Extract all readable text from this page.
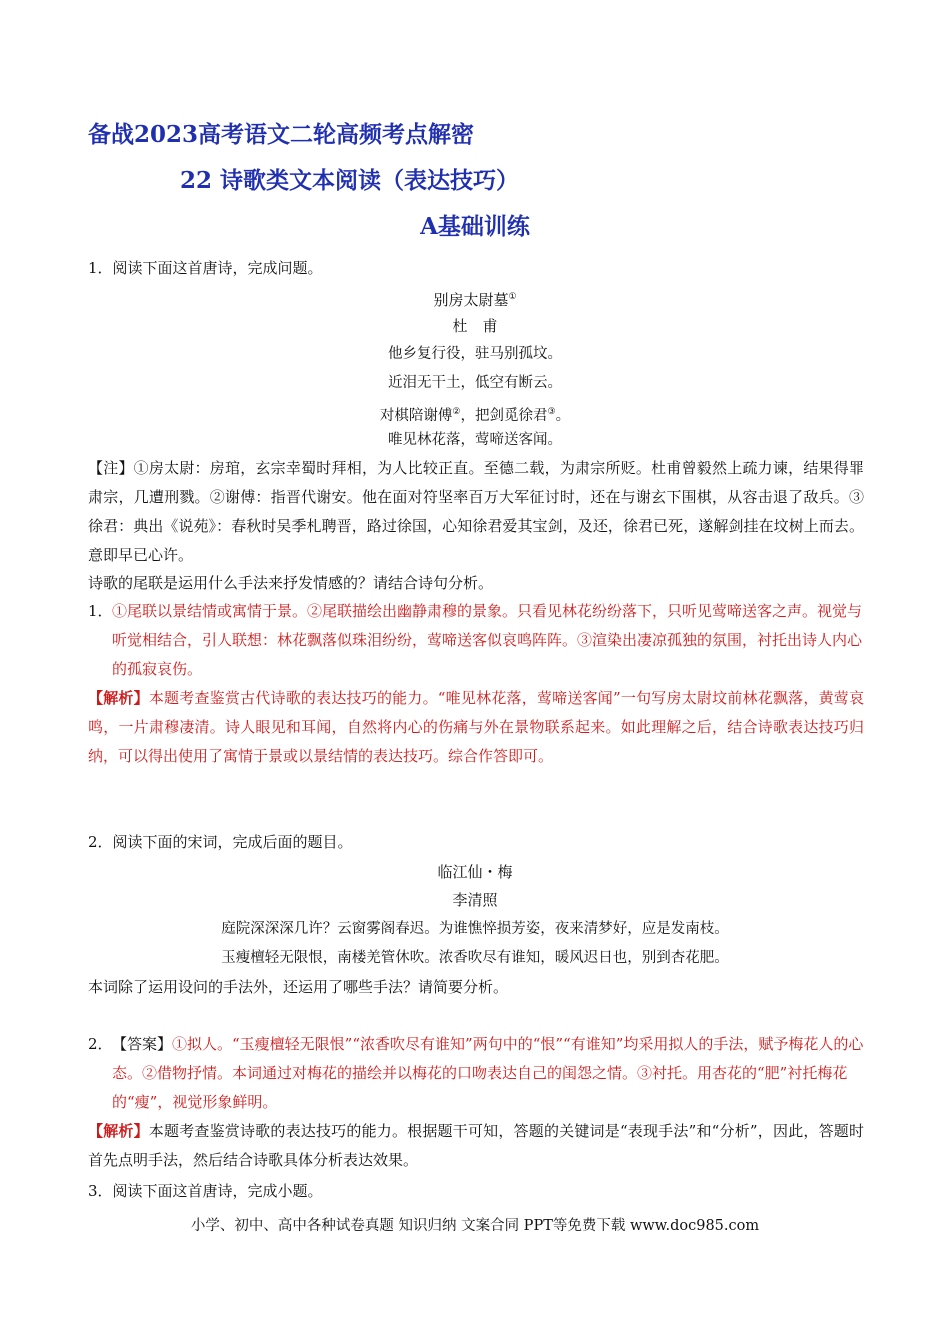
备战2023高考语文二轮高频考点解密
22 诗歌类文本阅读（表达技巧）
A基础训练
1．阅读下面这首唐诗，完成问题。
别房太尉墓①
杜　甫
他乡复行役，驻马别孤坟。
近泪无干土，低空有断云。
对棋陪谢傅②，把剑觅徐君③。
唯见林花落，莺啼送客闻。
【注】①房太尉：房琯，玄宗幸蜀时拜相，为人比较正直。至德二载，为肃宗所贬。杜甫曾毅然上疏力谏，结果得罪肃宗，几遭刑戮。②谢傅：指晋代谢安。他在面对符坚率百万大军征讨时，还在与谢玄下围棋，从容击退了敌兵。③徐君：典出《说苑》：春秋时吴季札聘晋，路过徐国，心知徐君爱其宝剑，及还，徐君已死，遂解剑挂在坟树上而去。意即早已心许。
诗歌的尾联是运用什么手法来抒发情感的？请结合诗句分析。
1． ①尾联以景结情或寓情于景。②尾联描绘出幽静肃穆的景象。只看见林花纷纷落下，只听见莺啼送客之声。视觉与听觉相结合，引人联想：林花飘落似珠泪纷纷，莺啼送客似哀鸣阵阵。③渲染出凄凉孤独的氛围，衬托出诗人内心的孤寂哀伤。
【解析】本题考查鉴赏古代诗歌的表达技巧的能力。“唯见林花落，莺啼送客闻”一句写房太尉坟前林花飘落，黄莺哀鸣，一片肃穆凄清。诗人眼见和耳闻，自然将内心的伤痛与外在景物联系起来。如此理解之后，结合诗歌表达技巧归纳，可以得出使用了寓情于景或以景结情的表达技巧。综合作答即可。
2．阅读下面的宋词，完成后面的题目。
临江仙・梅
李清照
庭院深深深几许？云窗雾阁春迟。为谁憔悴损芳姿，夜来清梦好，应是发南枝。
玉瘦檀轻无限恨，南楼羌管休吹。浓香吹尽有谁知，暖风迟日也，别到杏花肥。
本词除了运用设问的手法外，还运用了哪些手法？请简要分析。
2． 【答案】①拟人。“玉瘦檀轻无限恨”“浓香吹尽有谁知”两句中的“恨”“有谁知”均采用拟人的手法，赋予梅花人的心态。②借物抒情。本词通过对梅花的描绘并以梅花的口吻表达自己的闺怨之情。③衬托。用杏花的“肥”衬托梅花的“瘦”，视觉形象鲜明。
【解析】本题考查鉴赏诗歌的表达技巧的能力。根据题干可知，答题的关键词是“表现手法”和“分析”，因此，答题时首先点明手法，然后结合诗歌具体分析表达效果。
3．阅读下面这首唐诗，完成小题。
小学、初中、高中各种试卷真题 知识归纳 文案合同 PPT等免费下载 www.doc985.com
